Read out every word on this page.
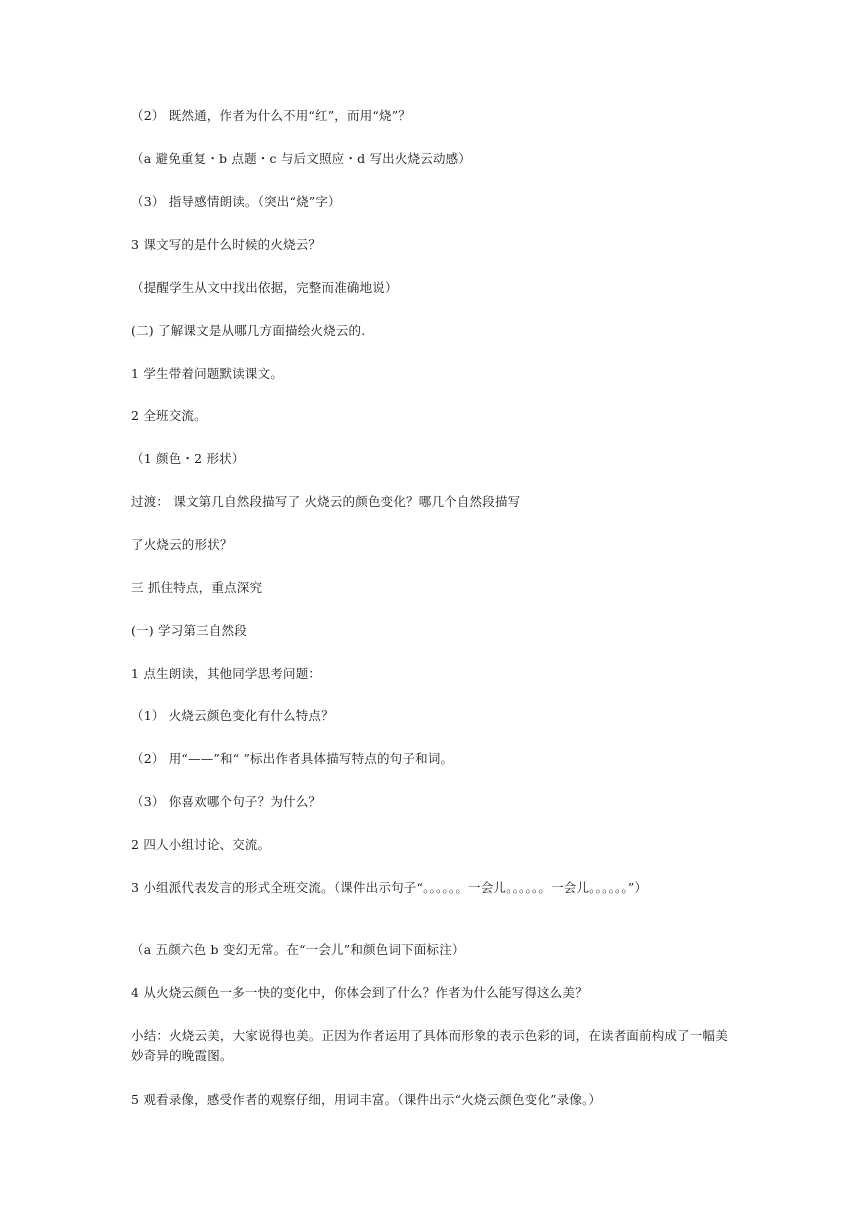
（2） 既然通，作者为什么不用“红”，而用“烧”？
（a 避免重复・b 点题・c 与后文照应・d 写出火烧云动感）
（3） 指导感情朗读。（突出“烧”字）
3 课文写的是什么时候的火烧云？
（提醒学生从文中找出依据，完整而准确地说）
(二) 了解课文是从哪几方面描绘火烧云的.
1 学生带着问题默读课文。
2 全班交流。
（1 颜色・2 形状）
过渡： 课文第几自然段描写了 火烧云的颜色变化？哪几个自然段描写
了火烧云的形状？
三 抓住特点，重点深究
(一) 学习第三自然段
1 点生朗读，其他同学思考问题：
（1） 火烧云颜色变化有什么特点？
（2） 用“——”和“ ”标出作者具体描写特点的句子和词。
（3） 你喜欢哪个句子？为什么？
2 四人小组讨论、交流。
3 小组派代表发言的形式全班交流。（课件出示句子“。。。。。。一会儿。。。。。。一会儿。。。。。。”）
（a 五颜六色 b 变幻无常。在“一会儿”和颜色词下面标注）
4 从火烧云颜色一多一快的变化中，你体会到了什么？作者为什么能写得这么美？
小结：火烧云美，大家说得也美。正因为作者运用了具体而形象的表示色彩的词，在读者面前构成了一幅美妙奇异的晚霞图。
5 观看录像，感受作者的观察仔细，用词丰富。（课件出示“火烧云颜色变化”录像。）
